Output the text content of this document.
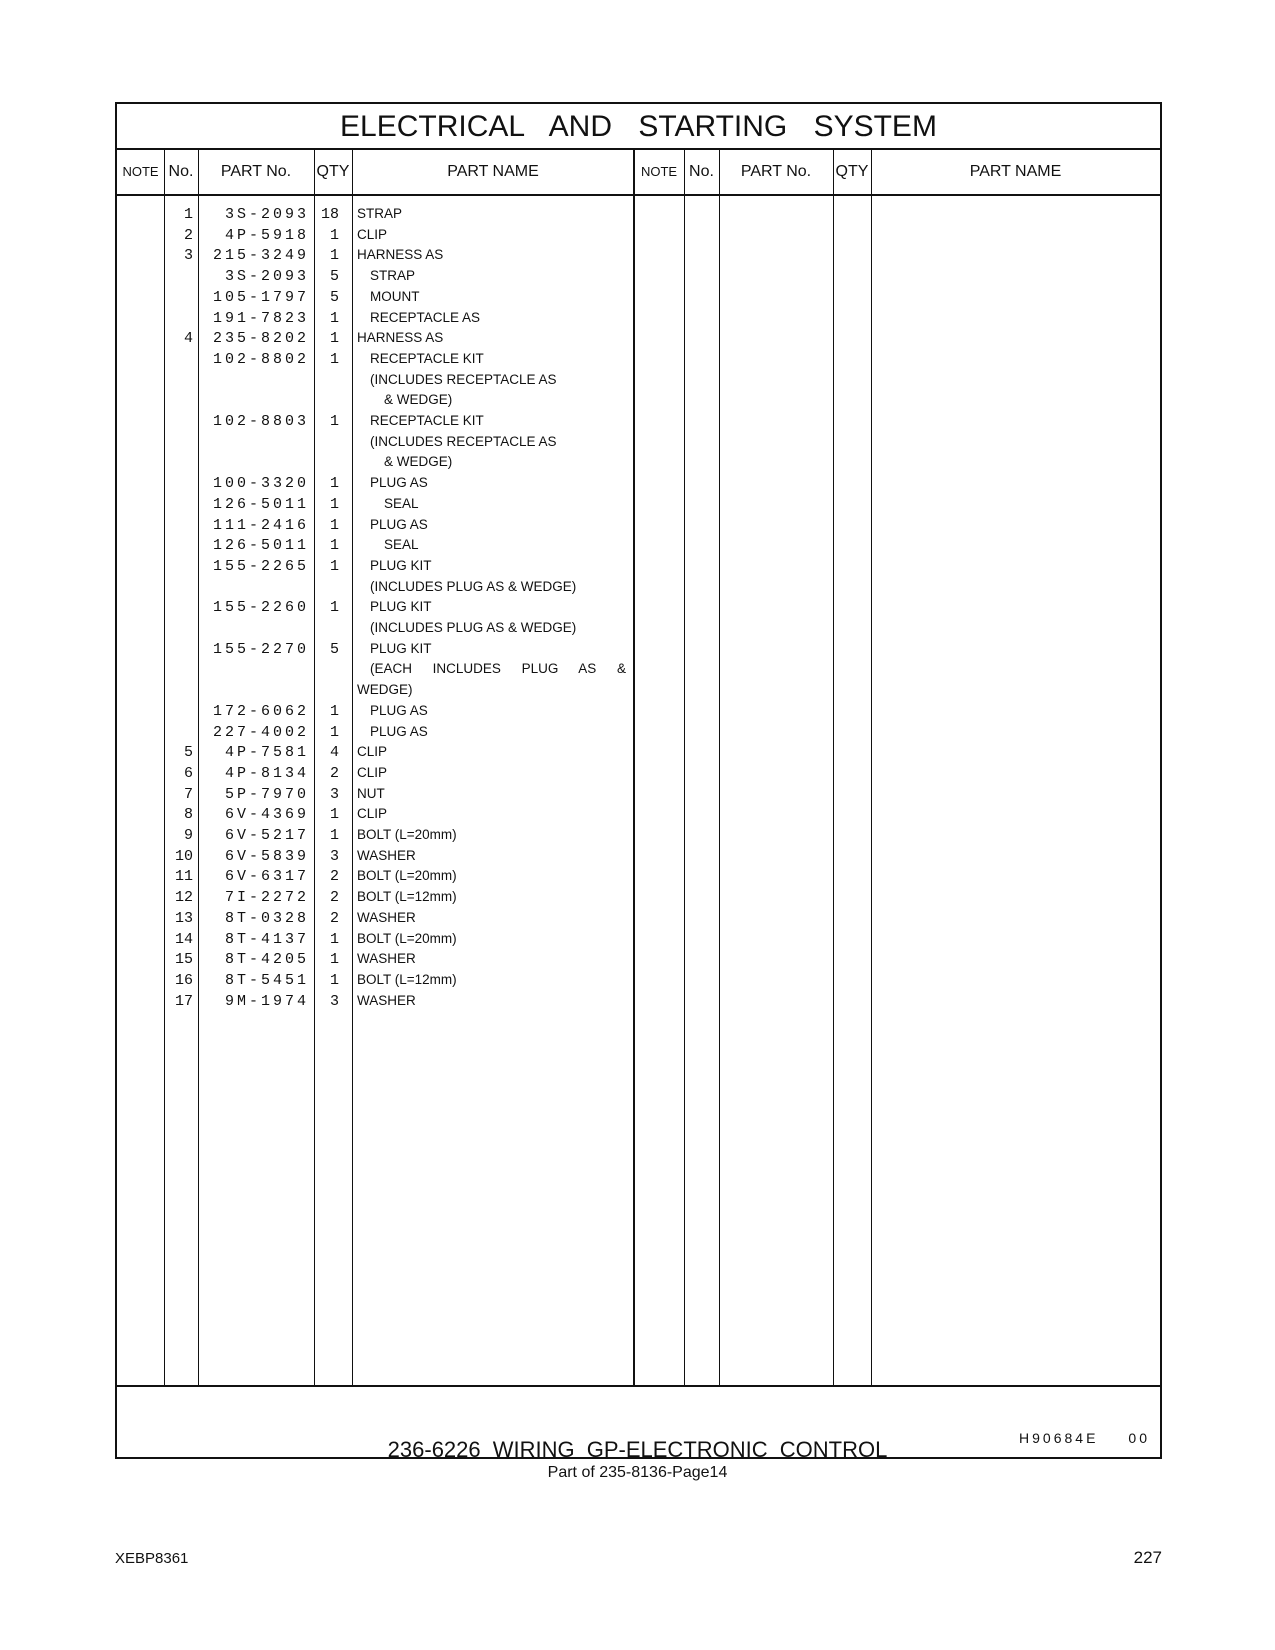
ELECTRICAL AND STARTING SYSTEM
NOTE No.	PART No.	QTY	PART NAME	NOTE No.	PART No.	QTY	PART NAME
1	3S-2093 18 STRAP
2	4P-5918	1 CLIP
3	215-3249	1 HARNESS AS
3S-2093	5 STRAP
105-1797	5 MOUNT
191-7823	1 RECEPTACLE AS
4	235-8202	1 HARNESS AS
102-8802	1 RECEPTACLE KIT
(INCLUDES RECEPTACLE AS
& WEDGE)
102-8803	1 RECEPTACLE KIT
(INCLUDES RECEPTACLE AS
& WEDGE)
100-3320	1 PLUG AS
126-5011	1	SEAL
111-2416	1 PLUG AS
126-5011	1	SEAL
155-2265	1 PLUG KIT
(INCLUDES PLUG AS & WEDGE)
155-2260	1 PLUG KIT
(INCLUDES PLUG AS & WEDGE)
155-2270	5 PLUG KIT
(EACH INCLUDES PLUG AS &
WEDGE)
172-6062	1 PLUG AS
227-4002	1 PLUG AS
5	4P-7581	4 CLIP
6	4P-8134	2 CLIP
7	5P-7970	3 NUT
8	6V-4369	1 CLIP
9	6V-5217	1 BOLT (L=20mm)
10	6V-5839	3 WASHER
11	6V-6317	2 BOLT (L=20mm)
12	7I-2272	2 BOLT (L=12mm)
13	8T-0328	2 WASHER
14	8T-4137	1 BOLT (L=20mm)
15	8T-4205	1 WASHER
16	8T-5451	1 BOLT (L=12mm)
17	9M-1974	3 WASHER
H90684E 00
236-6226 WIRING GP-ELECTRONIC CONTROL
Part of 235-8136-Page14
XEBP8361	227
